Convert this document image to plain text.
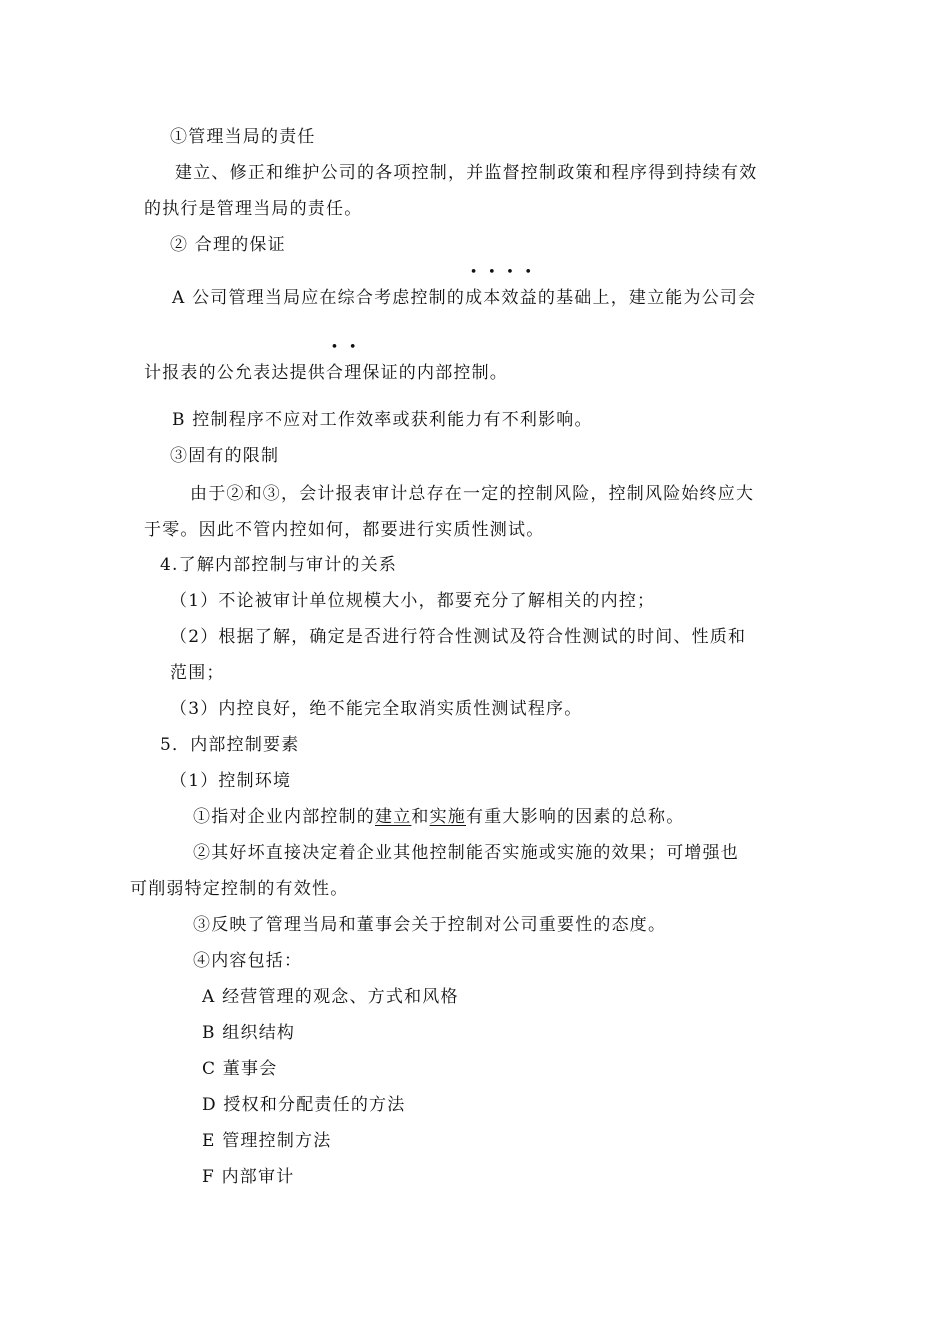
①管理当局的责任
建立、修正和维护公司的各项控制，并监督控制政策和程序得到持续有效
的执行是管理当局的责任。
② 合理的保证
A 公司管理当局应在综合考虑控制的成本效益的基础上，建立能为公司会
计报表的公允表达提供合理保证的内部控制。
B 控制程序不应对工作效率或获利能力有不利影响。
③固有的限制
由于②和③，会计报表审计总存在一定的控制风险，控制风险始终应大
于零。因此不管内控如何，都要进行实质性测试。
4.了解内部控制与审计的关系
（1）不论被审计单位规模大小，都要充分了解相关的内控；
（2）根据了解，确定是否进行符合性测试及符合性测试的时间、性质和
范围；
（3）内控良好，绝不能完全取消实质性测试程序。
5．内部控制要素
（1）控制环境
①指对企业内部控制的建立和实施有重大影响的因素的总称。
②其好坏直接决定着企业其他控制能否实施或实施的效果；可增强也
可削弱特定控制的有效性。
③反映了管理当局和董事会关于控制对公司重要性的态度。
④内容包括：
A 经营管理的观念、方式和风格
B 组织结构
C 董事会
D 授权和分配责任的方法
E 管理控制方法
F 内部审计
